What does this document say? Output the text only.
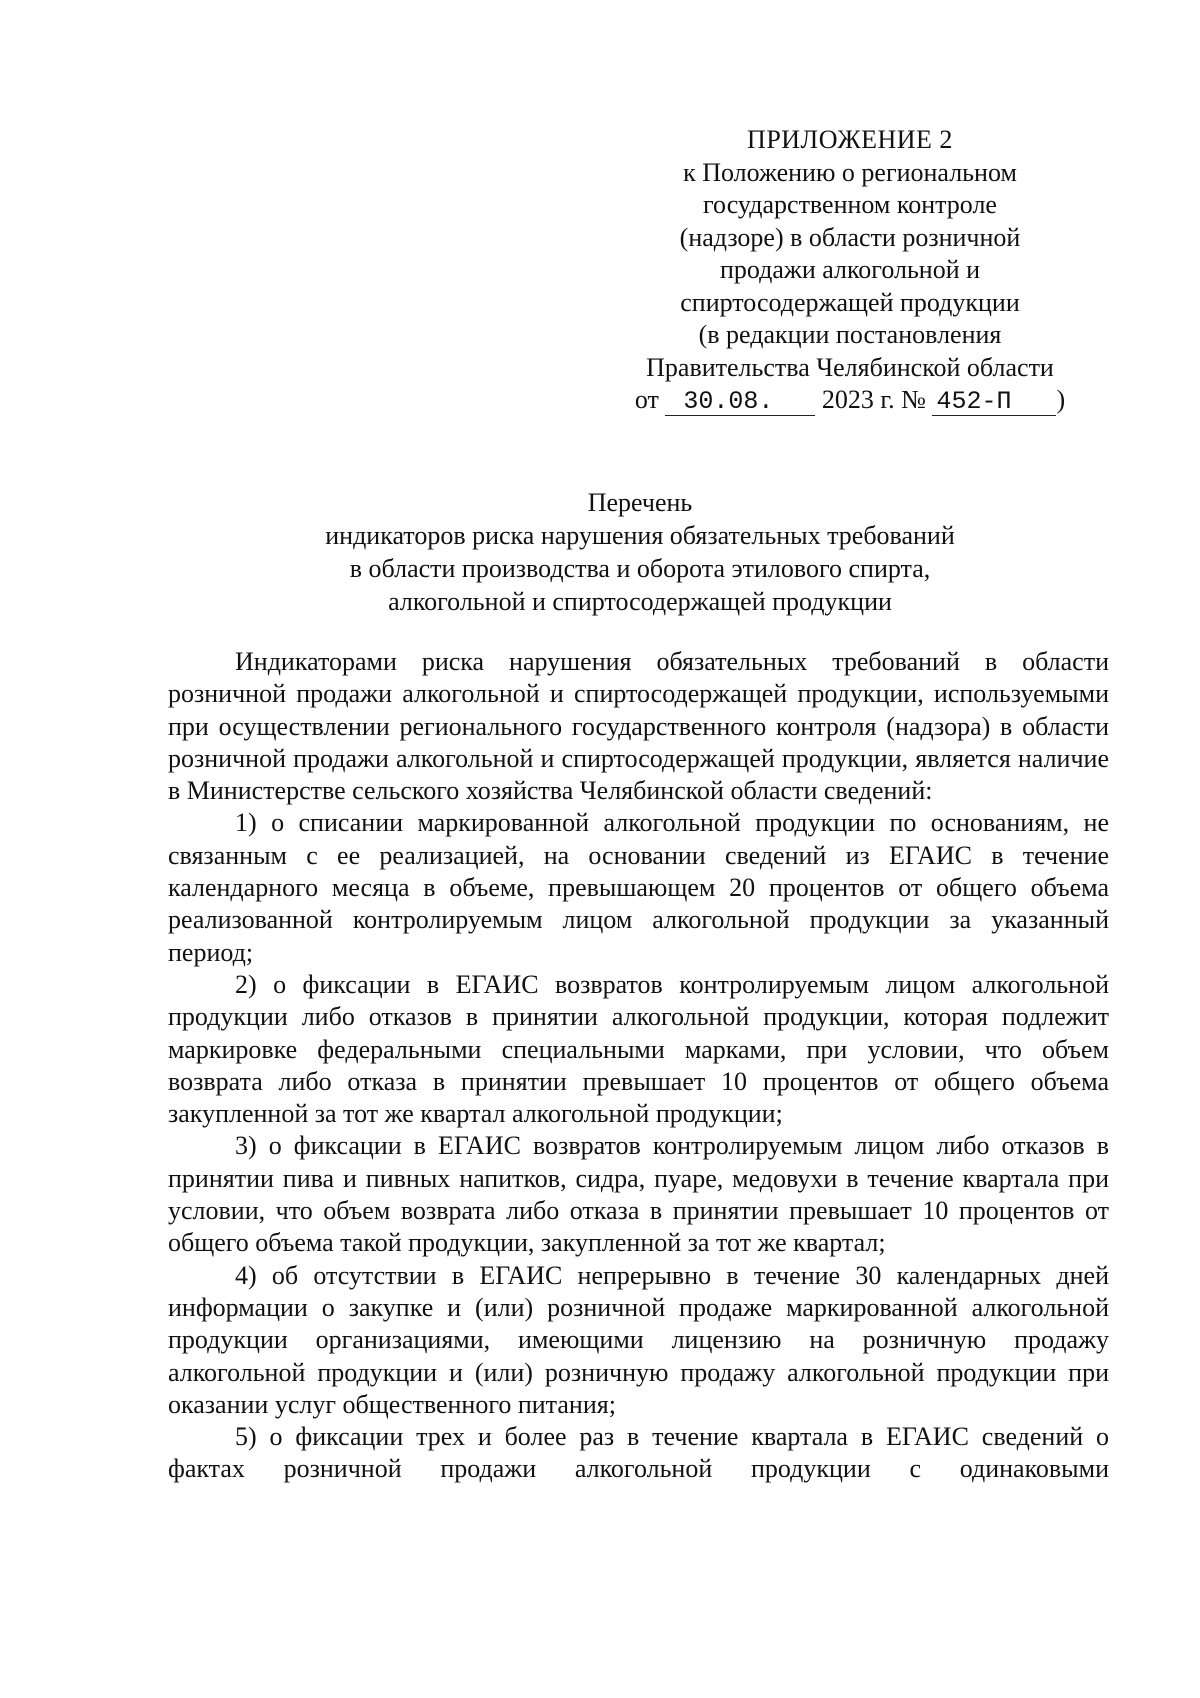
ПРИЛОЖЕНИЕ 2
к Положению о региональном
государственном контроле
(надзоре) в области розничной
продажи алкогольной и
спиртосодержащей продукции
(в редакции постановления
Правительства Челябинской области
от 30.08. 2023 г. № 452-П )
Перечень
индикаторов риска нарушения обязательных требований
в области производства и оборота этилового спирта,
алкогольной и спиртосодержащей продукции

Индикаторами риска нарушения обязательных требований в области розничной продажи алкогольной и спиртосодержащей продукции, используемыми при осуществлении регионального государственного контроля (надзора) в области розничной продажи алкогольной и спиртосодержащей продукции, является наличие в Министерстве сельского хозяйства Челябинской области сведений:

1) о списании маркированной алкогольной продукции по основаниям, не связанным с ее реализацией, на основании сведений из ЕГАИС в течение календарного месяца в объеме, превышающем 20 процентов от общего объема реализованной контролируемым лицом алкогольной продукции за указанный период;

2) о фиксации в ЕГАИС возвратов контролируемым лицом алкогольной продукции либо отказов в принятии алкогольной продукции, которая подлежит маркировке федеральными специальными марками, при условии, что объем возврата либо отказа в принятии превышает 10 процентов от общего объема закупленной за тот же квартал алкогольной продукции;

3) о фиксации в ЕГАИС возвратов контролируемым лицом либо отказов в принятии пива и пивных напитков, сидра, пуаре, медовухи в течение квартала при условии, что объем возврата либо отказа в принятии превышает 10 процентов от общего объема такой продукции, закупленной за тот же квартал;

4) об отсутствии в ЕГАИС непрерывно в течение 30 календарных дней информации о закупке и (или) розничной продаже маркированной алкогольной продукции организациями, имеющими лицензию на розничную продажу алкогольной продукции и (или) розничную продажу алкогольной продукции при оказании услуг общественного питания;

5) о фиксации трех и более раз в течение квартала в ЕГАИС сведений о фактах розничной продажи алкогольной продукции с одинаковыми
